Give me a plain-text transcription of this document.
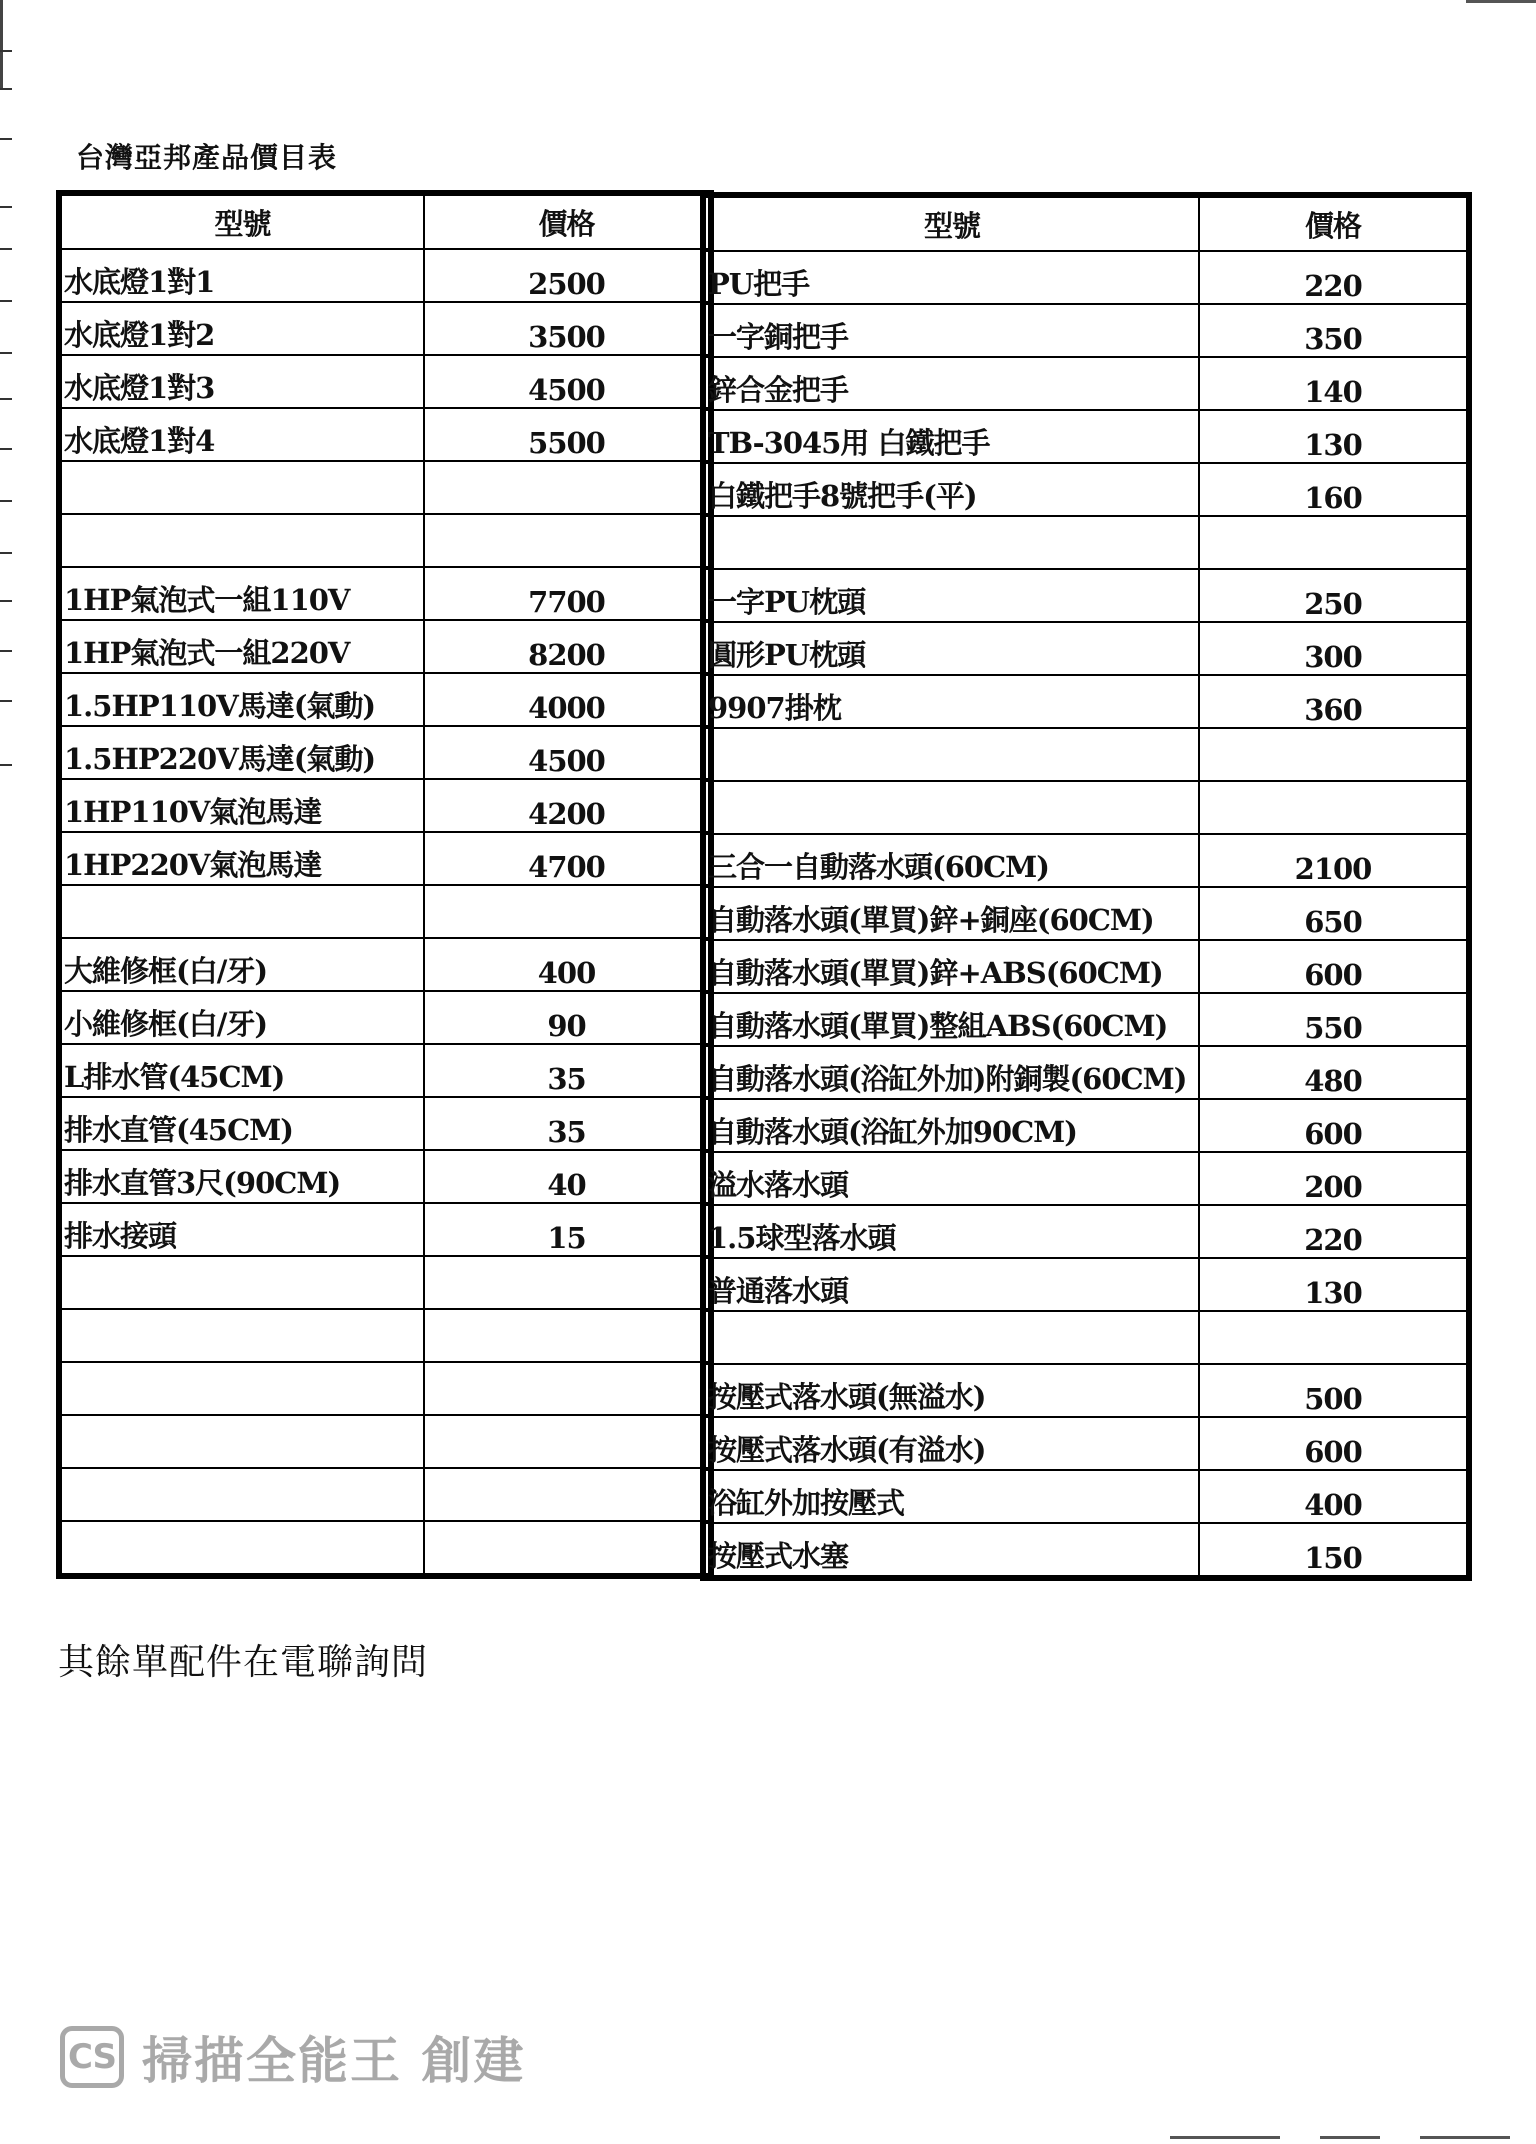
台灣亞邦產品價目表
型號	價格
水底燈1對1	2500
水底燈1對2	3500
水底燈1對3	4500
水底燈1對4	5500

1HP氣泡式一組110V	7700
1HP氣泡式一組220V	8200
1.5HP110V馬達(氣動)	4000
1.5HP220V馬達(氣動)	4500
1HP110V氣泡馬達	4200
1HP220V氣泡馬達	4700

大維修框(白/牙)	400
小維修框(白/牙)	90
L排水管(45CM)	35
排水直管(45CM)	35
排水直管3尺(90CM)	40
排水接頭	15

型號	價格
PU把手	220
一字銅把手	350
鋅合金把手	140
TB-3045用 白鐵把手	130
白鐵把手8號把手(平)	160

一字PU枕頭	250
圓形PU枕頭	300
9907掛枕	360

三合一自動落水頭(60CM)	2100
自動落水頭(單買)鋅+銅座(60CM)	650
自動落水頭(單買)鋅+ABS(60CM)	600
自動落水頭(單買)整組ABS(60CM)	550
自動落水頭(浴缸外加)附銅製(60CM)	480
自動落水頭(浴缸外加90CM)	600
溢水落水頭	200
1.5球型落水頭	220
普通落水頭	130

按壓式落水頭(無溢水)	500
按壓式落水頭(有溢水)	600
浴缸外加按壓式	400
按壓式水塞	150
其餘單配件在電聯詢問
CS 掃描全能王 創建
